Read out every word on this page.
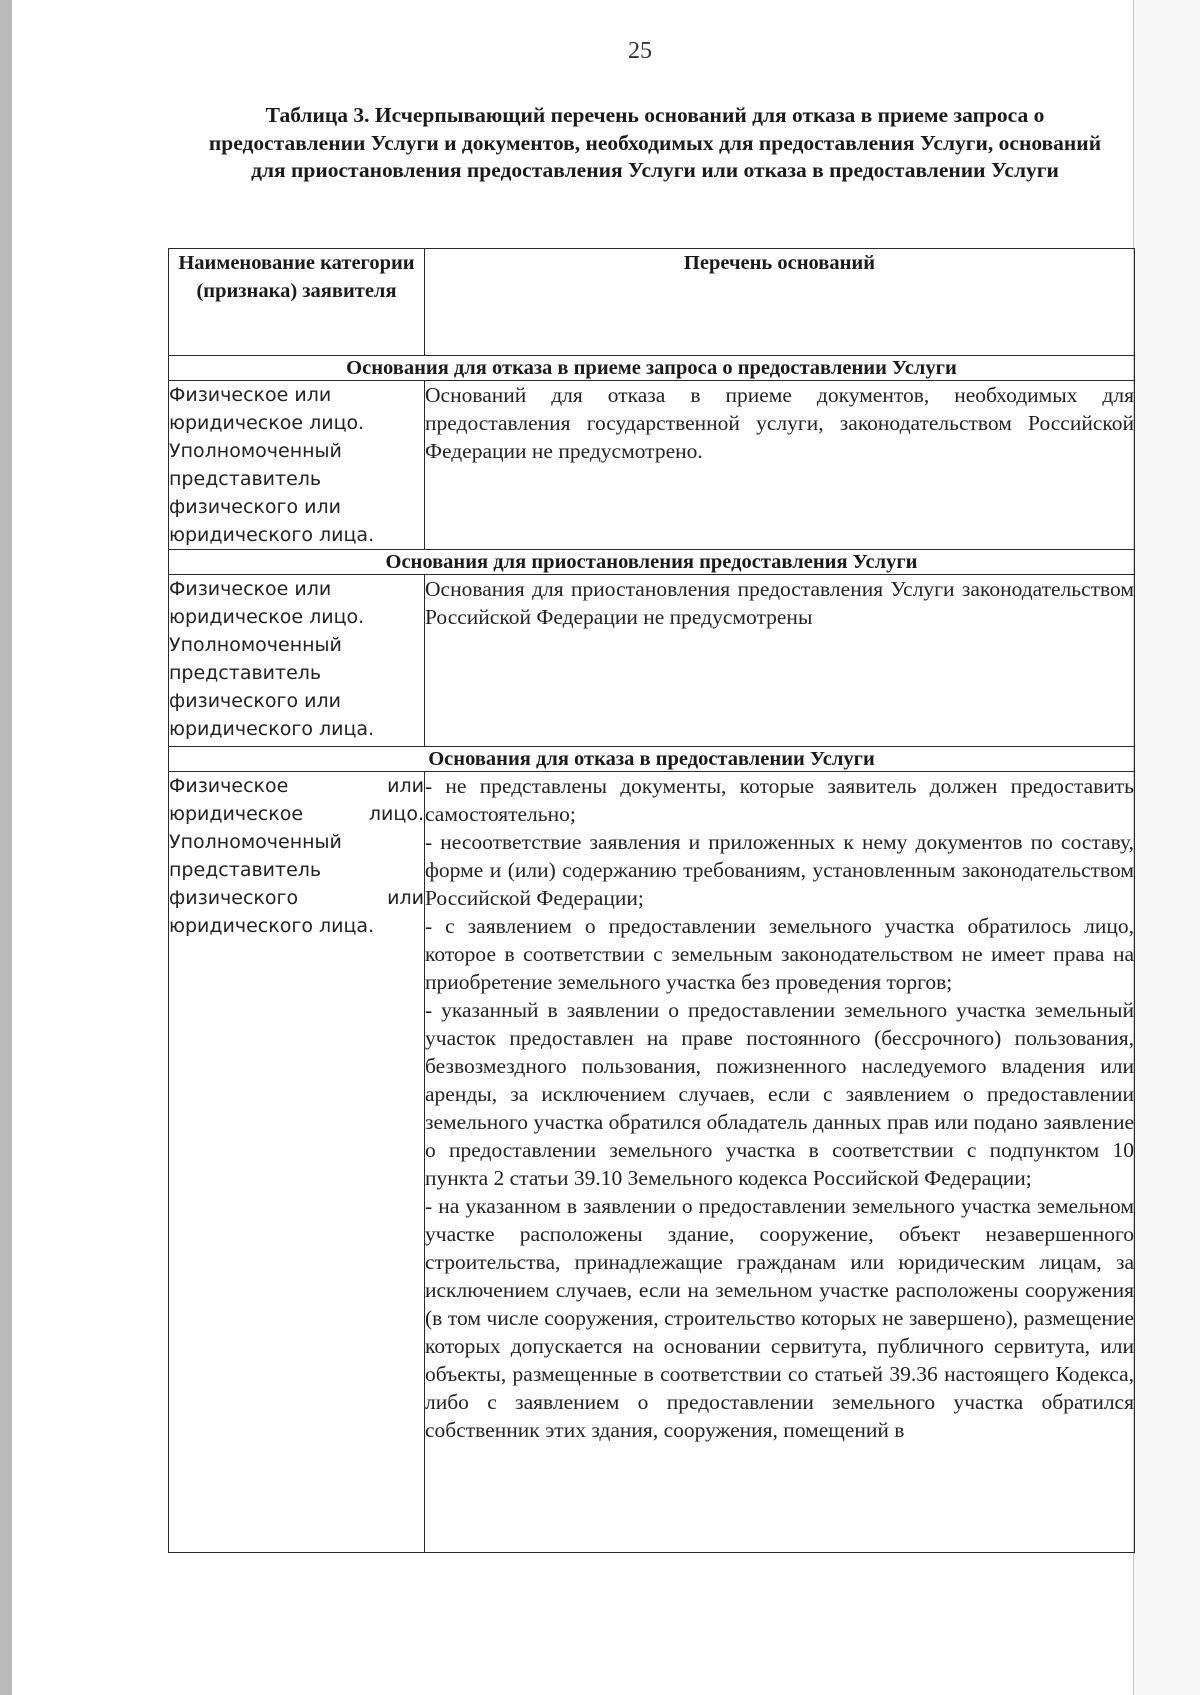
25
Таблица 3. Исчерпывающий перечень оснований для отказа в приеме запроса о предоставлении Услуги и документов, необходимых для предоставления Услуги, оснований для приостановления предоставления Услуги или отказа в предоставлении Услуги
Наименование категории (признака) заявителя	Перечень оснований
Основания для отказа в приеме запроса о предоставлении Услуги	
Физическое или юридическое лицо. Уполномоченный представитель физического или юридического лица.	Оснований для отказа в приеме документов, необходимых для предоставления государственной услуги, законодательством Российской Федерации не предусмотрено.

Основания для приостановления предоставления Услуги	
Физическое или юридическое лицо. Уполномоченный представитель физического или юридического лица.	Основания для приостановления предоставления Услуги законодательством Российской Федерации не предусмотрены

Основания для отказа в предоставлении Услуги	
Физическое или юридическое лицо. Уполномоченный представитель физического или юридического лица.	- не представлены документы, которые заявитель должен предоставить самостоятельно;

- несоответствие заявления и приложенных к нему документов по составу, форме и (или) содержанию требованиям, установленным законодательством Российской Федерации;

- с заявлением о предоставлении земельного участка обратилось лицо, которое в соответствии с земельным законодательством не имеет права на приобретение земельного участка без проведения торгов;

- указанный в заявлении о предоставлении земельного участка земельный участок предоставлен на праве постоянного (бессрочного) пользования, безвозмездного пользования, пожизненного наследуемого владения или аренды, за исключением случаев, если с заявлением о предоставлении земельного участка обратился обладатель данных прав или подано заявление о предоставлении земельного участка в соответствии с подпунктом 10 пункта 2 статьи 39.10 Земельного кодекса Российской Федерации;

- на указанном в заявлении о предоставлении земельного участка земельном участке расположены здание, сооружение, объект незавершенного строительства, принадлежащие гражданам или юридическим лицам, за исключением случаев, если на земельном участке расположены сооружения (в том числе сооружения, строительство которых не завершено), размещение которых допускается на основании сервитута, публичного сервитута, или объекты, размещенные в соответствии со статьей 39.36 настоящего Кодекса, либо с заявлением о предоставлении земельного участка обратился собственник этих здания, сооружения, помещений в
